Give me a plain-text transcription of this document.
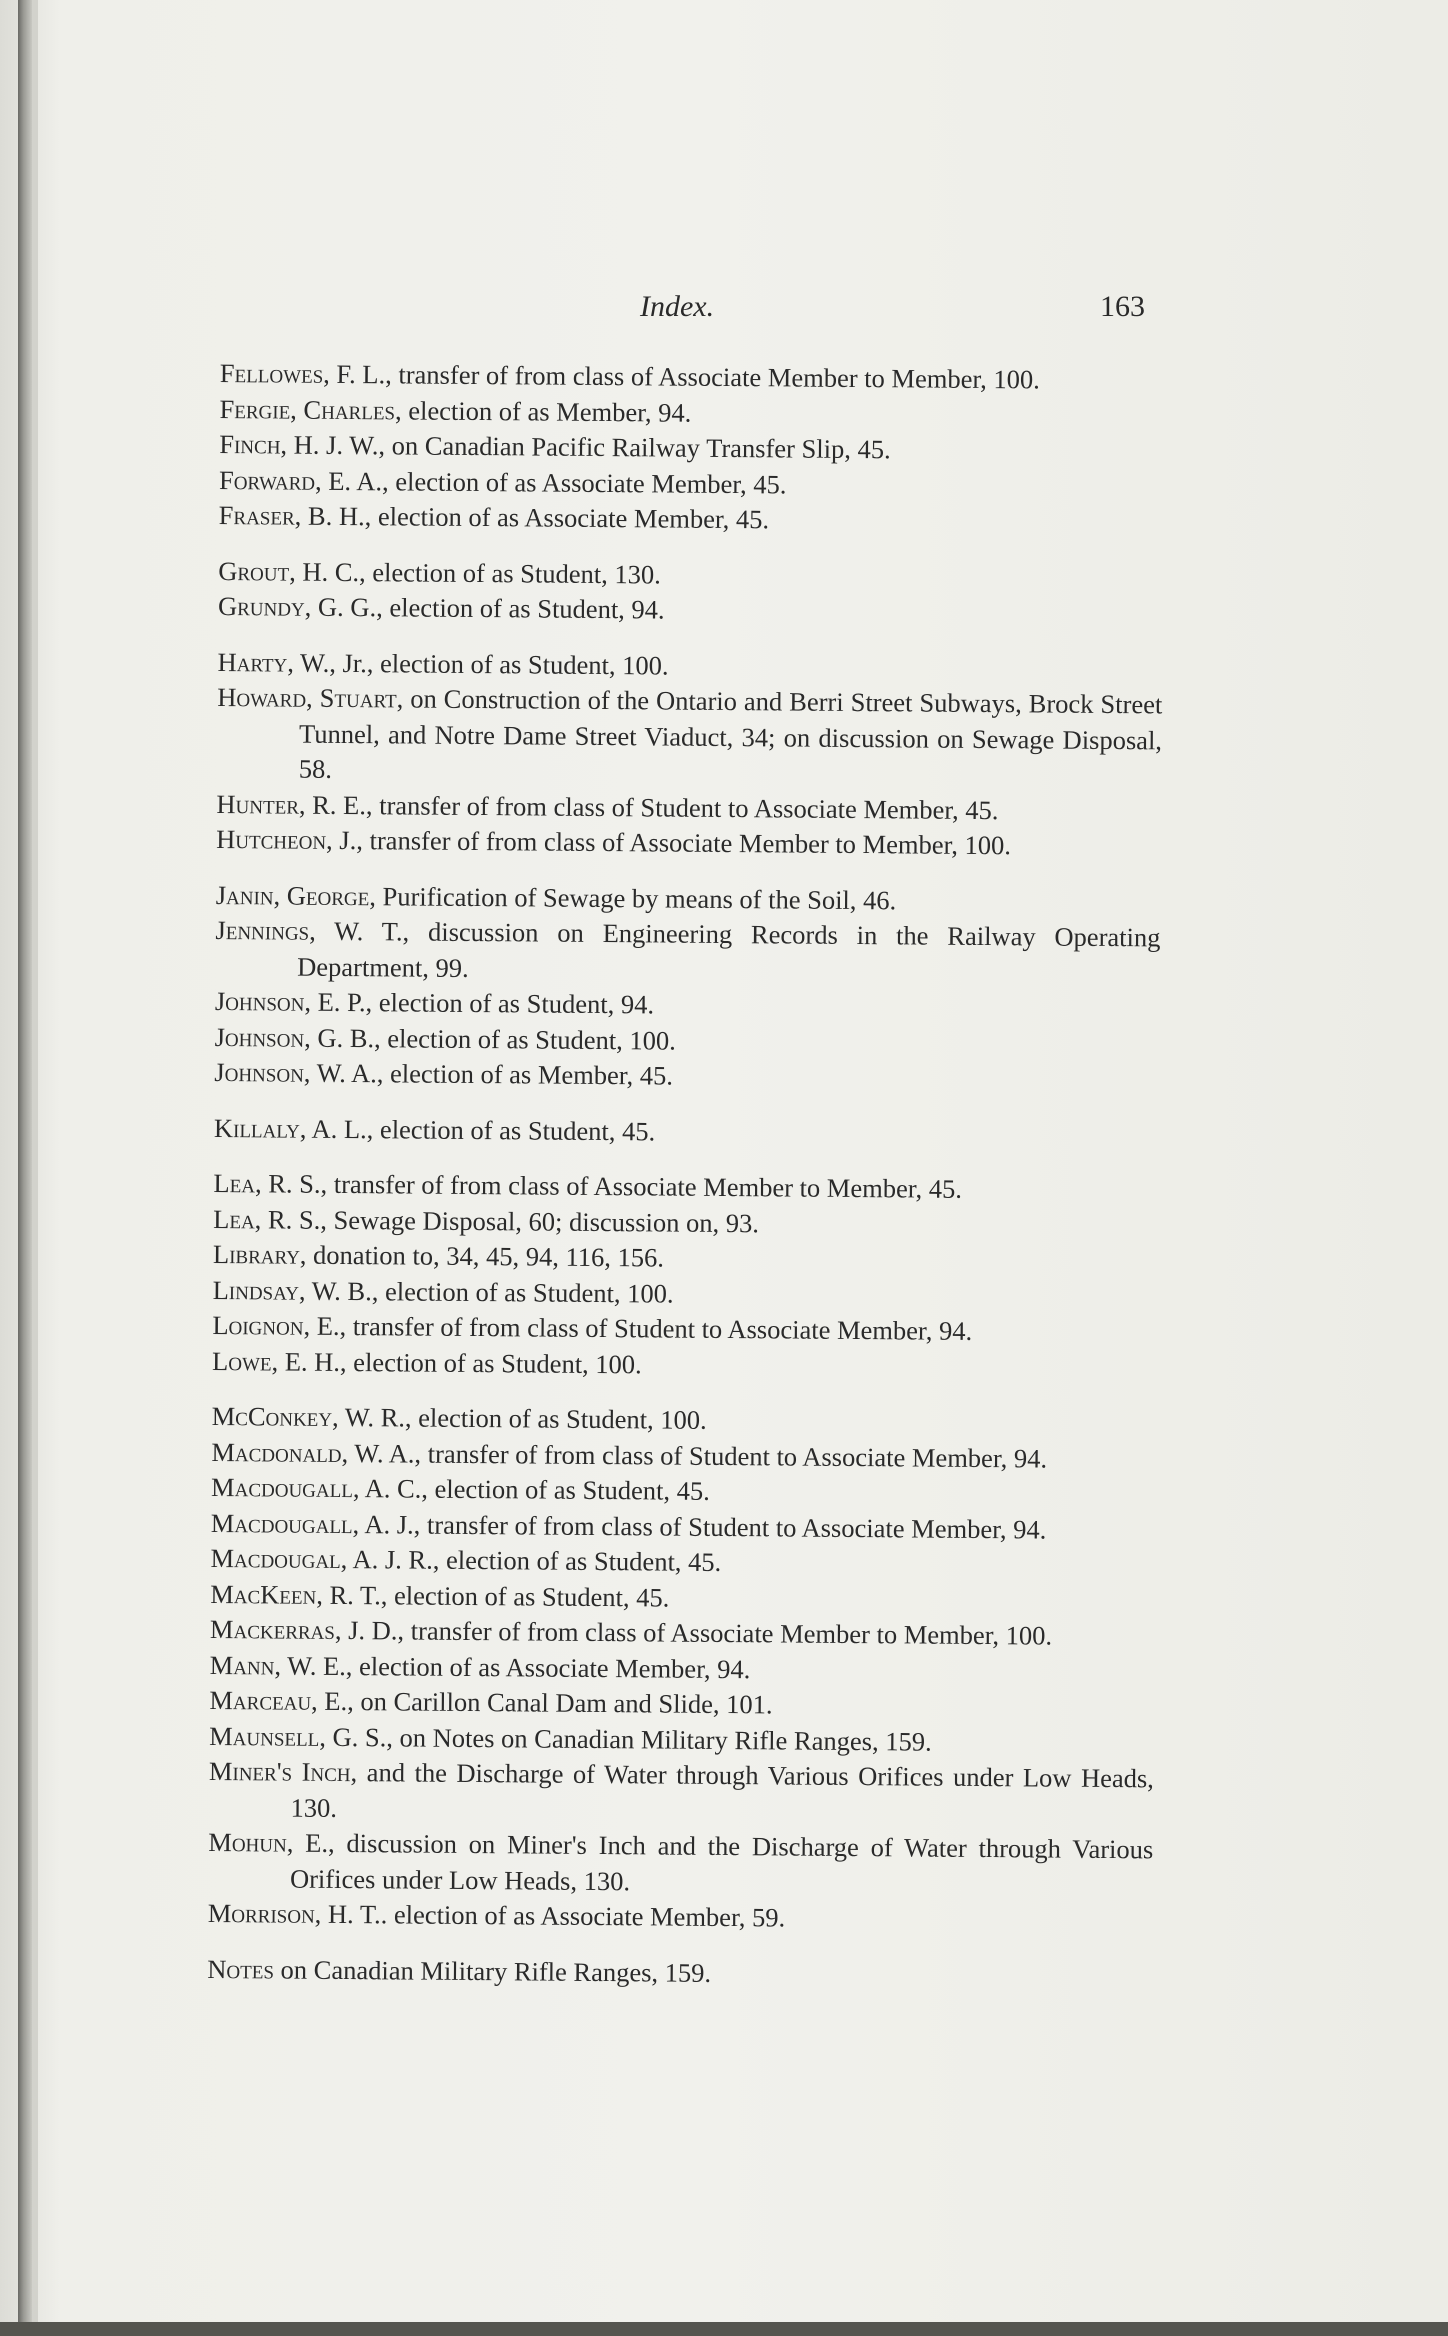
Index.	163
Fellowes, F. L., transfer of from class of Associate Member to Member, 100.
Fergie, Charles, election of as Member, 94.
Finch, H. J. W., on Canadian Pacific Railway Transfer Slip, 45.
Forward, E. A., election of as Associate Member, 45.
Fraser, B. H., election of as Associate Member, 45.
Grout, H. C., election of as Student, 130.
Grundy, G. G., election of as Student, 94.
Harty, W., Jr., election of as Student, 100.
Howard, Stuart, on Construction of the Ontario and Berri Street Subways, Brock Street Tunnel, and Notre Dame Street Viaduct, 34; on discussion on Sewage Disposal, 58.
Hunter, R. E., transfer of from class of Student to Associate Member, 45.
Hutcheon, J., transfer of from class of Associate Member to Member, 100.
Janin, George, Purification of Sewage by means of the Soil, 46.
Jennings, W. T., discussion on Engineering Records in the Railway Operating Department, 99.
Johnson, E. P., election of as Student, 94.
Johnson, G. B., election of as Student, 100.
Johnson, W. A., election of as Member, 45.
Killaly, A. L., election of as Student, 45.
Lea, R. S., transfer of from class of Associate Member to Member, 45.
Lea, R. S., Sewage Disposal, 60; discussion on, 93.
Library, donation to, 34, 45, 94, 116, 156.
Lindsay, W. B., election of as Student, 100.
Loignon, E., transfer of from class of Student to Associate Member, 94.
Lowe, E. H., election of as Student, 100.
McConkey, W. R., election of as Student, 100.
Macdonald, W. A., transfer of from class of Student to Associate Member, 94.
Macdougall, A. C., election of as Student, 45.
Macdougall, A. J., transfer of from class of Student to Associate Member, 94.
Macdougal, A. J. R., election of as Student, 45.
MacKeen, R. T., election of as Student, 45.
Mackerras, J. D., transfer of from class of Associate Member to Member, 100.
Mann, W. E., election of as Associate Member, 94.
Marceau, E., on Carillon Canal Dam and Slide, 101.
Maunsell, G. S., on Notes on Canadian Military Rifle Ranges, 159.
Miner's Inch, and the Discharge of Water through Various Orifices under Low Heads, 130.
Mohun, E., discussion on Miner's Inch and the Discharge of Water through Various Orifices under Low Heads, 130.
Morrison, H. T.. election of as Associate Member, 59.
Notes on Canadian Military Rifle Ranges, 159.
